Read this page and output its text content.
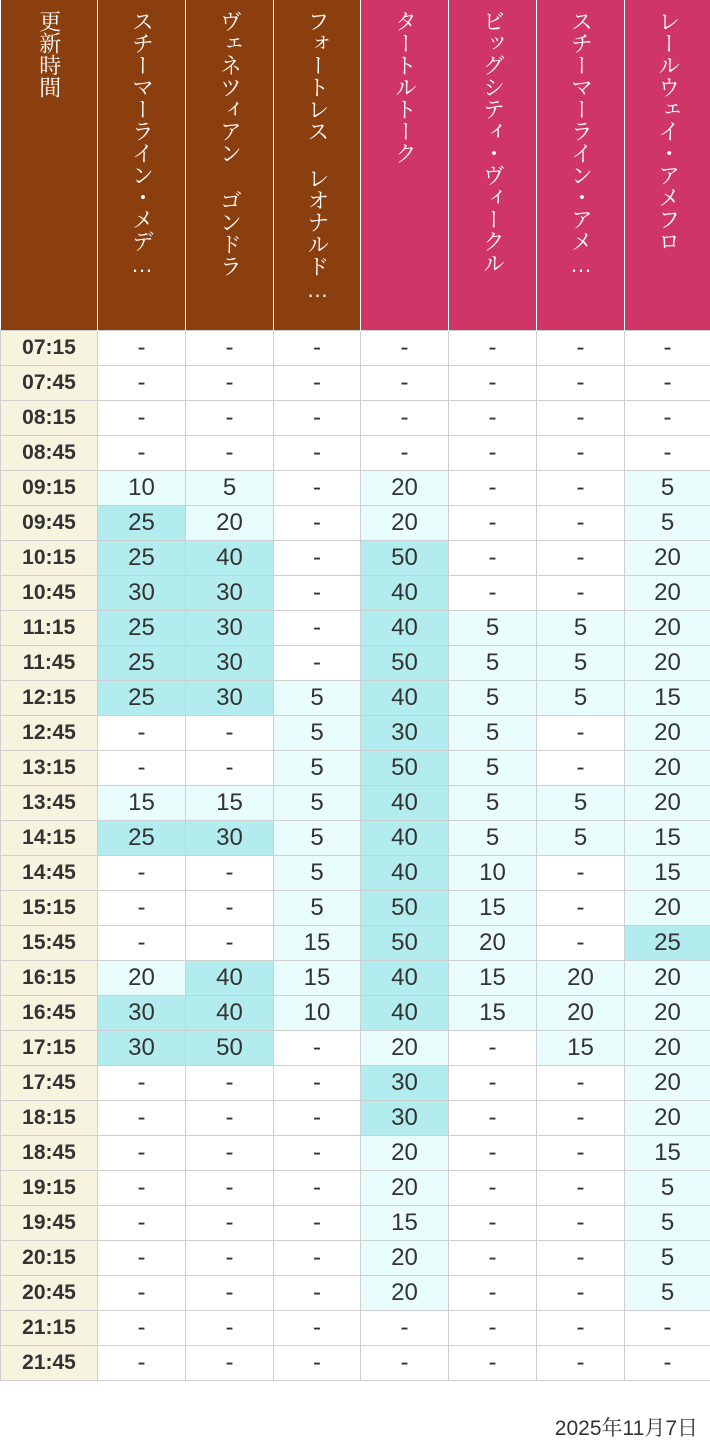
更新時間	スチーマーライン・メデ…	ヴェネツィアン ゴンドラ	フォートレス レオナルド…	タートルトーク	ビッグシティ・ヴィークル	スチーマーライン・アメ…	レールウェイ・アメフロ
07:15	-	-	-	-	-	-	-
07:45	-	-	-	-	-	-	-
08:15	-	-	-	-	-	-	-
08:45	-	-	-	-	-	-	-
09:15	10	5	-	20	-	-	5
09:45	25	20	-	20	-	-	5
10:15	25	40	-	50	-	-	20
10:45	30	30	-	40	-	-	20
11:15	25	30	-	40	5	5	20
11:45	25	30	-	50	5	5	20
12:15	25	30	5	40	5	5	15
12:45	-	-	5	30	5	-	20
13:15	-	-	5	50	5	-	20
13:45	15	15	5	40	5	5	20
14:15	25	30	5	40	5	5	15
14:45	-	-	5	40	10	-	15
15:15	-	-	5	50	15	-	20
15:45	-	-	15	50	20	-	25
16:15	20	40	15	40	15	20	20
16:45	30	40	10	40	15	20	20
17:15	30	50	-	20	-	15	20
17:45	-	-	-	30	-	-	20
18:15	-	-	-	30	-	-	20
18:45	-	-	-	20	-	-	15
19:15	-	-	-	20	-	-	5
19:45	-	-	-	15	-	-	5
20:15	-	-	-	20	-	-	5
20:45	-	-	-	20	-	-	5
21:15	-	-	-	-	-	-	-
21:45	-	-	-	-	-	-	-
2025年11月7日
